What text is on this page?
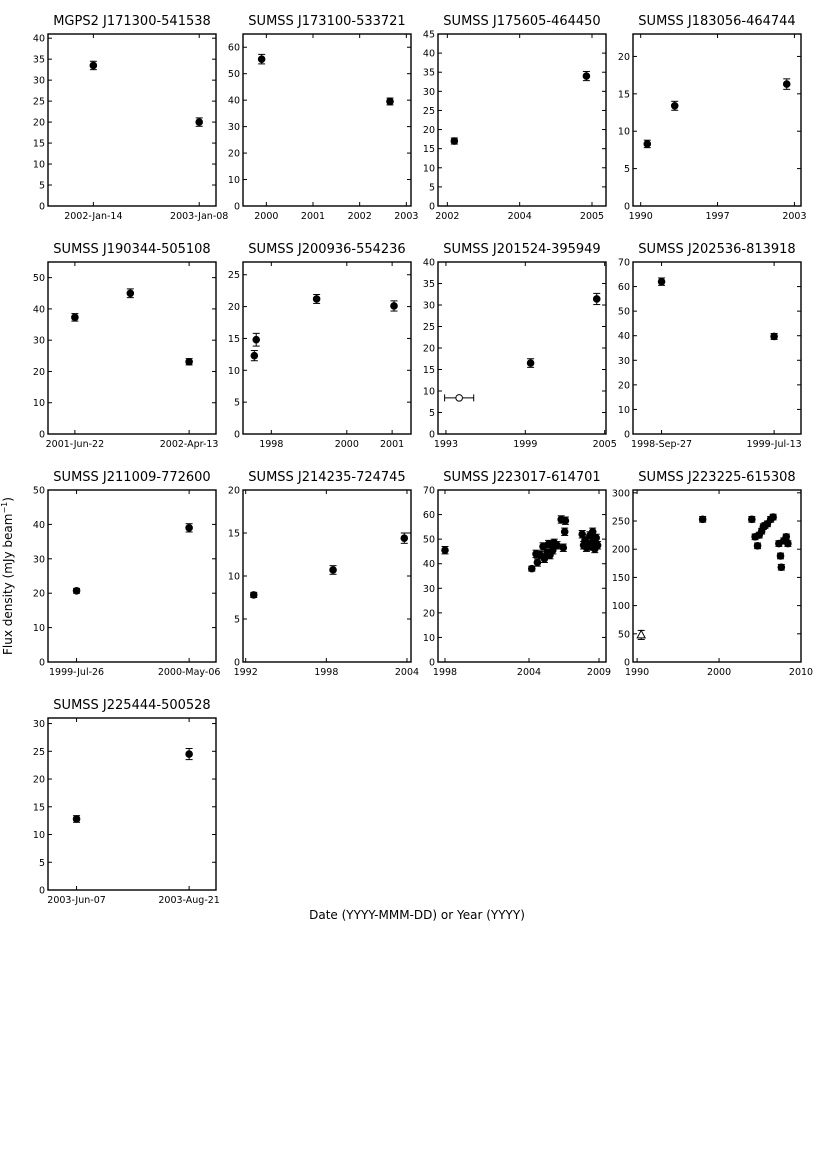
MGPS2 J171300-541538
0
5
10
15
20
25
30
35
40
2002-Jan-14	2003-Jan-08
SUMSS J173100-533721
0
10
20
30
40
50
60
2000 2001 2002 2003
SUMSS J175605-464450
0
5
10
15
20
25
30
35
40
45
2002	2004	2005
SUMSS J183056-464744
0
5
10
15
20
1990	1997	2003
SUMSS J190344-505108
0
10
20
30
40
50
2001-Jun-22	2002-Apr-13
SUMSS J200936-554236
0
5
10
15
20
25
1998	2000 2001
SUMSS J201524-395949
0
5
10
15
20
25
30
35
40
1993	1999	2005
SUMSS J202536-813918
0
10
20
30
40
50
60
70
1998-Sep-27	1999-Jul-13
SUMSS J211009-772600
0
10
20
30
40
50
1999-Jul-26	2000-May-06
SUMSS J214235-724745
0
5
10
15
20
1992	1998	2004
SUMSS J223017-614701
0
10
20
30
40
50
60
70
1998	2004	2009
SUMSS J223225-615308
0
50
100
150
200
250
300
1990	2000	2010
SUMSS J225444-500528
0
5
10
15
20
25
30
2003-Jun-07	2003-Aug-21
Flux density (mJy beam$^{-1}$)
Date (YYYY-MMM-DD) or Year (YYYY)
